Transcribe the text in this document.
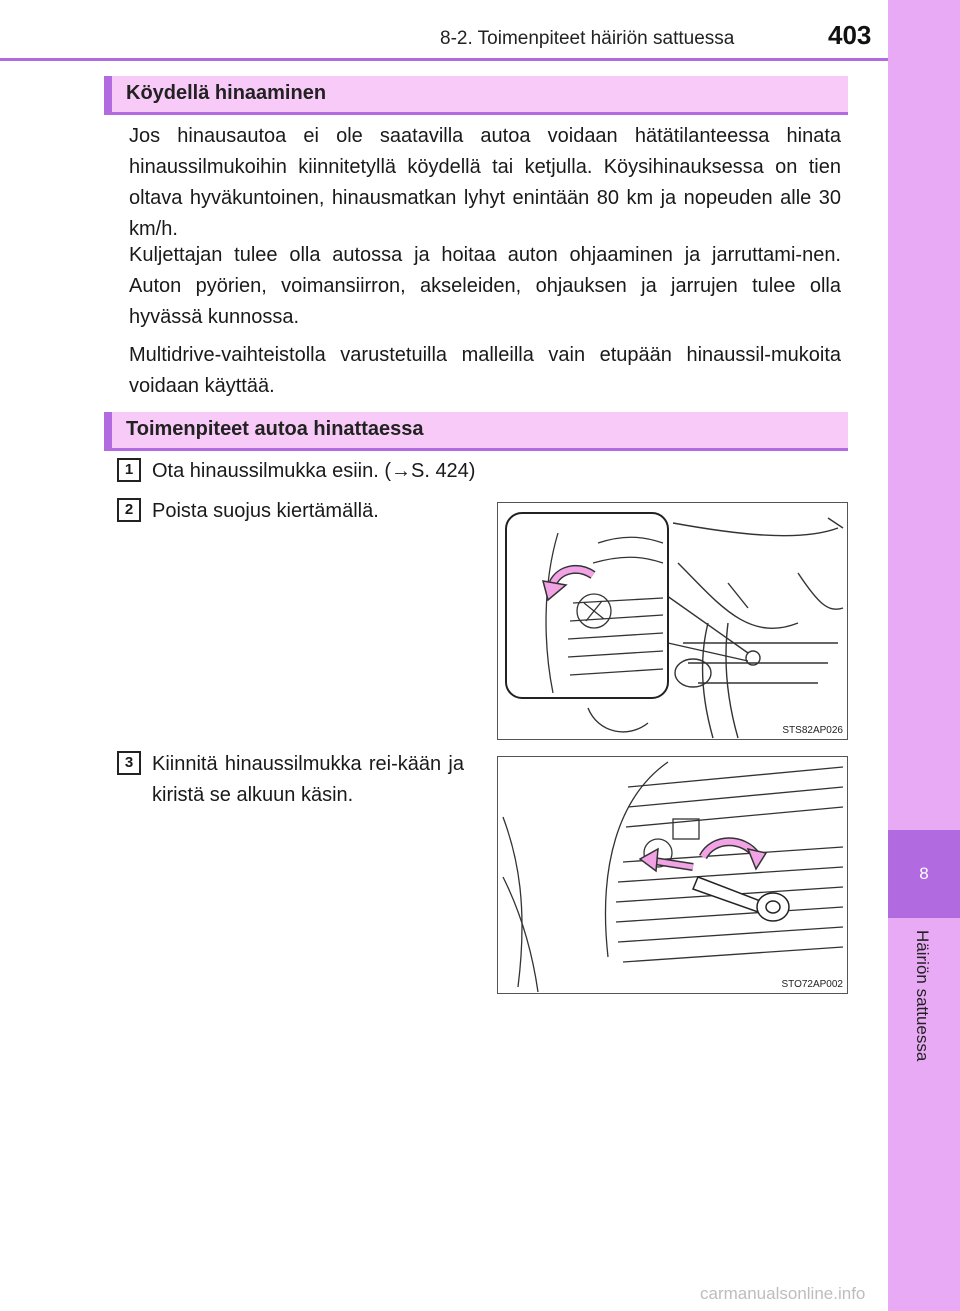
8
Häiriön sattuessa
8-2. Toimenpiteet häiriön sattuessa	403
Köydellä hinaaminen

Jos hinausautoa ei ole saatavilla autoa voidaan hätätilanteessa hinata hinaussilmukoihin kiinnitetyllä köydellä tai ketjulla. Köysihinauksessa on tien oltava hyväkuntoinen, hinausmatkan lyhyt enintään 80 km ja nopeuden alle 30 km/h.

Kuljettajan tulee olla autossa ja hoitaa auton ohjaaminen ja jarruttami-nen. Auton pyörien, voimansiirron, akseleiden, ohjauksen ja jarrujen tulee olla hyvässä kunnossa.

Multidrive-vaihteistolla varustetuilla malleilla vain etupään hinaussil-mukoita voidaan käyttää.

Toimenpiteet autoa hinattaessa
1 Ota hinaussilmukka esiin. (→S. 424)

2 Poista suojus kiertämällä.

3 Kiinnitä hinaussilmukka rei-kään ja kiristä se alkuun käsin.

STS82AP026
STO72AP002
carmanualsonline.info
